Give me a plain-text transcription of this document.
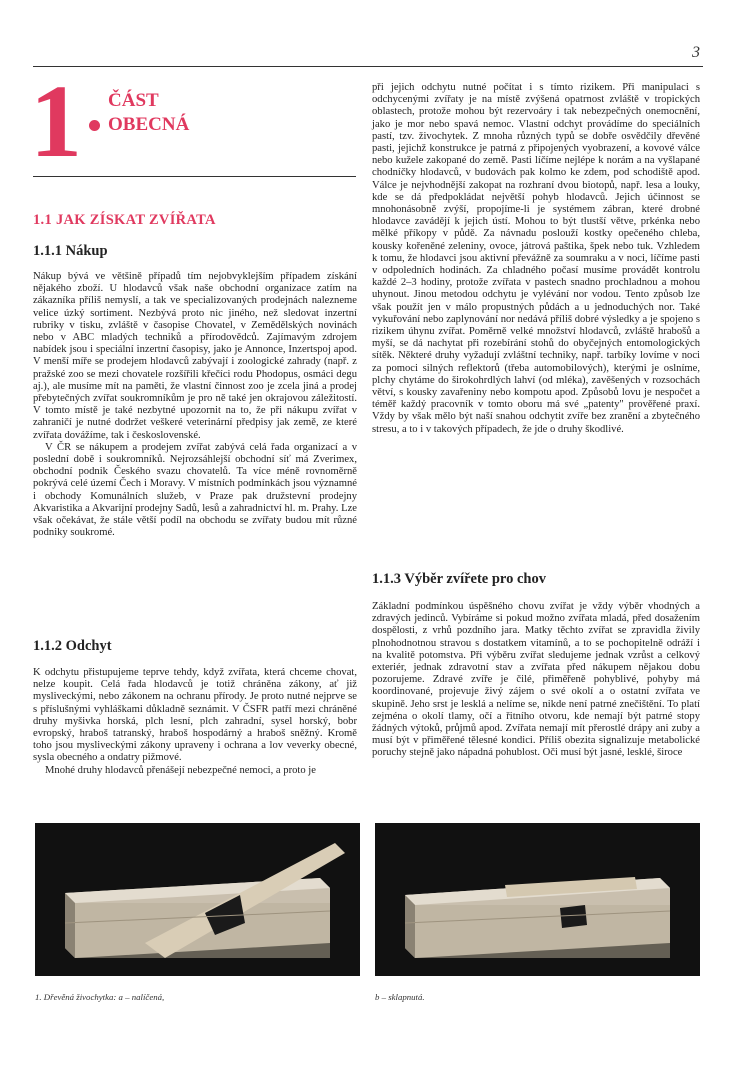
3
1 ČÁST
OBECNÁ
1.1 JAK ZÍSKAT ZVÍŘATA
1.1.1 Nákup

Nákup bývá ve většině případů tím nejobvyklejším případem získání nějakého zboží. U hlodavců však naše obchodní organizace zatím na zákazníka příliš nemyslí, a tak ve specializovaných prodejnách nalezneme velice úzký sortiment. Nezbývá proto nic jiného, než sledovat inzertní rubriky v tisku, zvláště v časopise Chovatel, v Zemědělských novinách nebo v ABC mladých techniků a přírodovědců. Zajímavým zdrojem nabídek jsou i speciální inzertní časopisy, jako je Annonce, Inzertspoj apod. V menší míře se prodejem hlodavců zabývají i zoologické zahrady (např. z pražské zoo se mezi chovatele rozšířili křečíci rodu Phodopus, osmáci degu aj.), ale musíme mít na paměti, že vlastní činnost zoo je zcela jiná a prodej přebytečných zvířat soukromníkům je pro ně také jen okrajovou záležitostí. V tomto místě je také nezbytné upozornit na to, že při nákupu zvířat v zahraničí je nutné dodržet veškeré veterinární předpisy jak země, ze které zvířata dovážíme, tak i československé.

V ČR se nákupem a prodejem zvířat zabývá celá řada organizací a v poslední době i soukromníků. Nejrozsáhlejší obchodní síť má Zverimex, obchodní podnik Českého svazu chovatelů. Ta více méně rovnoměrně pokrývá celé území Čech i Moravy. V místních podmínkách jsou významné i obchody Komunálních služeb, v Praze pak družstevní prodejny Akvaristika a Akvarijní prodejny Sadů, lesů a zahradnictví hl. m. Prahy. Lze však očekávat, že stále větší podíl na obchodu se zvířaty budou mít různé podniky soukromé.

1.1.2 Odchyt

K odchytu přistupujeme teprve tehdy, když zvířata, která chceme chovat, nelze koupit. Celá řada hlodavců je totiž chráněna zákony, ať již mysliveckými, nebo zákonem na ochranu přírody. Je proto nutné nejprve se s příslušnými vyhláškami důkladně seznámit. V ČSFR patří mezi chráněné druhy myšivka horská, plch lesní, plch zahradní, sysel horský, bobr evropský, hraboš tatranský, hraboš hospodárný a hraboš sněžný. Kromě toho jsou mysliveckými zákony upraveny i ochrana a lov veverky obecné, sysla obecného a ondatry pižmové.

Mnohé druhy hlodavců přenášejí nebezpečné nemoci, a proto je

při jejich odchytu nutné počítat i s tímto rizikem. Při manipulaci s odchycenými zvířaty je na místě zvýšená opatrnost zvláště v tropických oblastech, protože mohou být rezervoáry i tak nebezpečných onemocnění, jako je mor nebo spavá nemoc. Vlastní odchyt provádíme do speciálních pastí, tzv. živochytek. Z mnoha různých typů se dobře osvědčily dřevěné pasti, jejichž konstrukce je patrná z připojených vyobrazení, a kovové válce nebo kužele zakopané do země. Pasti líčíme nejlépe k norám a na vyšlapané chodníčky hlodavců, v budovách pak kolmo ke zdem, pod schodiště apod. Válce je nejvhodnější zakopat na rozhraní dvou biotopů, např. lesa a louky, kde se dá předpokládat největší pohyb hlodavců. Jejich účinnost se mnohonásobně zvýší, propojíme-li je systémem zábran, které drobné hlodavce zavádějí k jejich ústí. Mohou to být tlustší větve, prkénka nebo mělké příkopy v půdě. Za návnadu poslouží kostky opečeného chleba, kousky kořeněné zeleniny, ovoce, játrová paštika, špek nebo tuk. Vzhledem k tomu, že hlodavci jsou aktivní převážně za soumraku a v noci, líčíme pasti v odpoledních hodinách. Za chladného počasí musíme provádět kontrolu každé 2–3 hodiny, protože zvířata v pastech snadno prochladnou a mohou uhynout. Jinou metodou odchytu je vylévání nor vodou. Tento způsob lze však použít jen v málo propustných půdách a u jednoduchých nor. Také vykuřování nebo zaplynování nor nedává příliš dobré výsledky a je spojeno s rizikem úhynu zvířat. Poměrně velké množství hlodavců, zvláště hrabošů a myší, se dá nachytat při rozebírání stohů do obyčejných entomologických sítěk. Některé druhy vyžadují zvláštní techniky, např. tarbíky lovíme v noci za pomoci silných reflektorů (třeba automobilových), kterými je oslníme, plchy chytáme do širokohrdlých lahví (od mléka), zavěšených v rozsochách větví, s kousky zavařeniny nebo kompotu apod. Způsobů lovu je nespočet a téměř každý pracovník v tomto oboru má své „patenty" prověřené praxí. Vždy by však mělo být naší snahou odchytit zvíře bez zranění a zbytečného stresu, a to i v takových případech, že jde o druhy škodlivé.

1.1.3 Výběr zvířete pro chov

Základní podmínkou úspěšného chovu zvířat je vždy výběr vhodných a zdravých jedinců. Vybíráme si pokud možno zvířata mladá, před dosažením dospělosti, z vrhů pozdního jara. Matky těchto zvířat se zpravidla živily plnohodnotnou stravou s dostatkem vitamínů, a to se pochopitelně odráží i na kvalitě potomstva. Při výběru zvířat sledujeme jednak vzrůst a celkový exteriér, jednak zdravotní stav a zvířata před nákupem nějakou dobu pozorujeme. Zdravé zvíře je čilé, přiměřeně pohyblivé, pohyby má koordinované, projevuje živý zájem o své okolí a o ostatní zvířata ve skupině. Jeho srst je lesklá a nelíme se, nikde není patrné znečištění. To platí zejména o okolí tlamy, očí a řitního otvoru, kde nemají být patrné stopy žádných výtoků, průjmů apod. Zvířata nemají mít přerostlé drápy ani zuby a musí být v přiměřené tělesné kondici. Příliš obezita signalizuje metabolické poruchy stejně jako nápadná pohublost. Oči musí být jasné, lesklé, široce

1. Dřevěná živochytka: a – nalíčená,	b – sklapnutá.
